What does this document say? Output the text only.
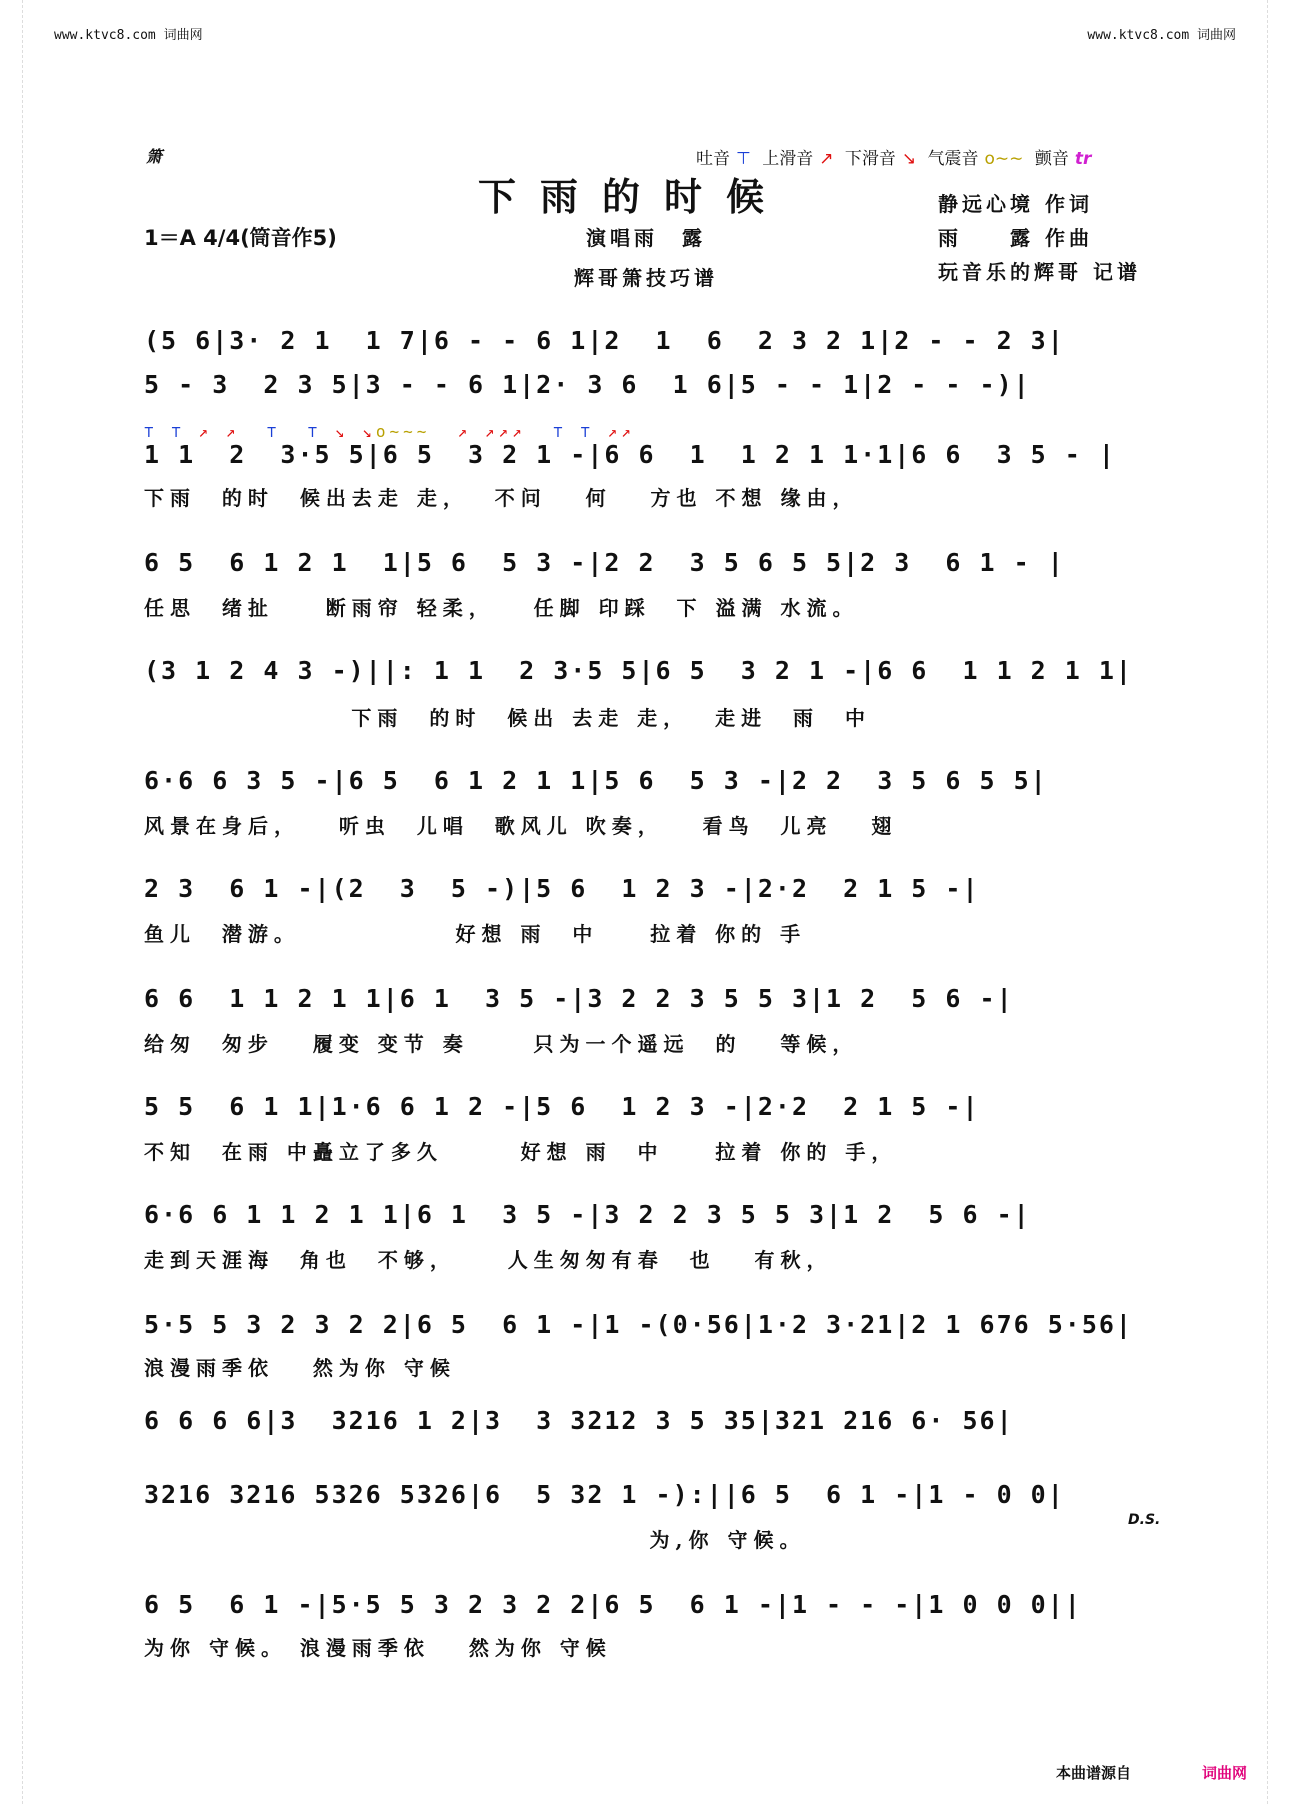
www.ktvc8.com 词曲网	www.ktvc8.com 词曲网
箫	吐音 ⊤ 上滑音 ↗ 下滑音 ↘ 气震音 o∼∼ 颤音 tr
下雨的时候
1＝A 4/4(筒音作5)	演唱雨　露
辉哥箫技巧谱
静远心境 作词
雨　　露 作曲
玩音乐的辉哥 记谱
(5 6|3· 2 1  1 7|6 - - 6 1|2  1  6  2 3 2 1|2 - - 2 3|
5 - 3  2 3 5|3 - - 6 1|2· 3 6  1 6|5 - - 1|2 - - -)|
⊤ ⊤ ↗ ↗ ⊤ ⊤ ↘ ↘o∼∼∼ ↗ ↗↗↗ ⊤ ⊤ ↗↗
1 1  2  3·5 5|6 5  3 2 1 -|6 6  1  1 2 1 1·1|6 6  3 5 - |
下雨  的时  候出去走 走，  不问   何   方也 不想 缘由，
6 5  6 1 2 1  1|5 6  5 3 -|2 2  3 5 6 5 5|2 3  6 1 - |
任思  绪扯    断雨帘 轻柔，   任脚 印踩  下 溢满 水流。
(3 1 2 4 3 -)||: 1 1  2 3·5 5|6 5  3 2 1 -|6 6  1 1 2 1 1|
下雨  的时  候出 去走 走，  走进  雨  中
6·6 6 3 5 -|6 5  6 1 2 1 1|5 6  5 3 -|2 2  3 5 6 5 5|
风景在身后，   听虫  儿唱  歌风儿 吹奏，   看鸟  儿亮   翅
2 3  6 1 -|(2  3  5 -)|5 6  1 2 3 -|2·2  2 1 5 -|
鱼儿  潜游。            好想 雨  中    拉着 你的 手
6 6  1 1 2 1 1|6 1  3 5 -|3 2 2 3 5 5 3|1 2  5 6 -|
给匆  匆步   履变 变节 奏     只为一个遥远  的   等候，
5 5  6 1 1|1·6 6 1 2 -|5 6  1 2 3 -|2·2  2 1 5 -|
不知  在雨 中矗立了多久      好想 雨  中    拉着 你的 手，
6·6 6 1 1 2 1 1|6 1  3 5 -|3 2 2 3 5 5 3|1 2  5 6 -|
走到天涯海  角也  不够，    人生匆匆有春  也   有秋，
5·5 5 3 2 3 2 2|6 5  6 1 -|1 -(0·56|1·2 3·21|2 1 676 5·56|
浪漫雨季依   然为你 守候
6 6 6 6|3  3216 1 2|3  3 3212 3 5 35|321 216 6· 56|
3216 3216 5326 5326|6  5 32 1 -):||6 5  6 1 -|1 - 0 0|
为,你 守候。
D.S.
6 5  6 1 -|5·5 5 3 2 3 2 2|6 5  6 1 -|1 - - -|1 0 0 0||
为你 守候。 浪漫雨季依   然为你 守候
本曲谱源自	词曲网
